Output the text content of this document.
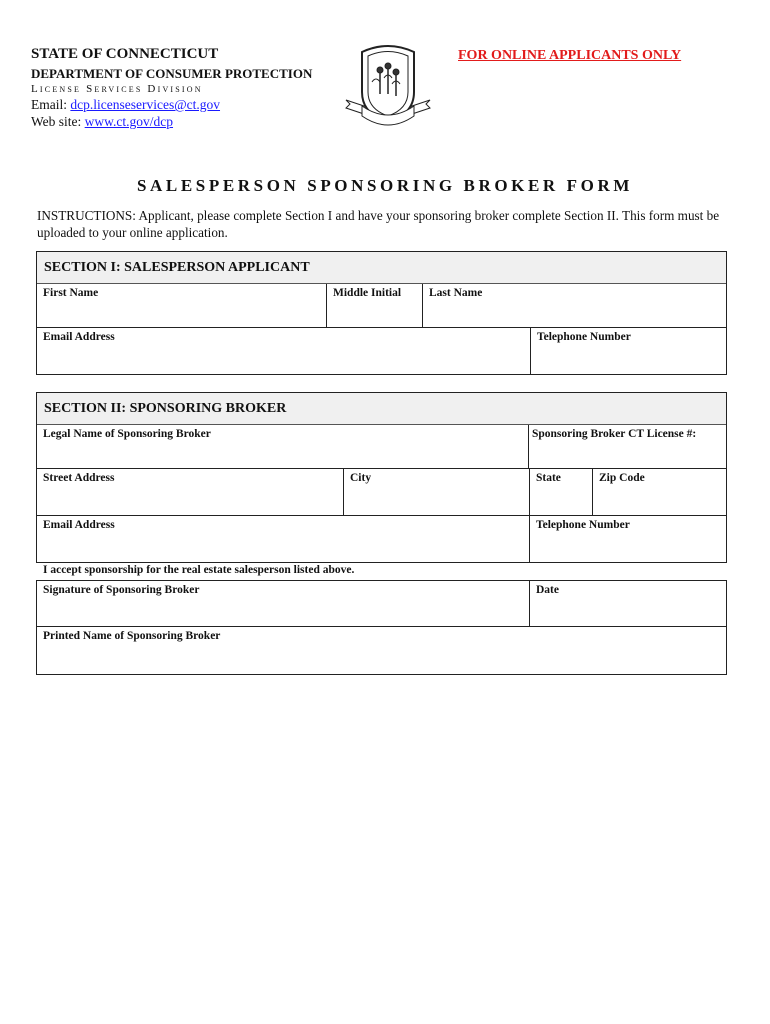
STATE OF CONNECTICUT
DEPARTMENT OF CONSUMER PROTECTION
License Services Division
Email: dcp.licenseservices@ct.gov
Web site: www.ct.gov/dcp
FOR ONLINE APPLICANTS ONLY
SALESPERSON SPONSORING BROKER FORM
INSTRUCTIONS: Applicant, please complete Section I and have your sponsoring broker complete Section II. This form must be uploaded to your online application.
SECTION I: SALESPERSON APPLICANT
First Name	Middle Initial	Last Name
Email Address	Telephone Number
SECTION II: SPONSORING BROKER
Legal Name of Sponsoring Broker	Sponsoring Broker CT License #:
Street Address	City	State	Zip Code
Email Address	Telephone Number
I accept sponsorship for the real estate salesperson listed above.
Signature of Sponsoring Broker	Date
Printed Name of Sponsoring Broker
